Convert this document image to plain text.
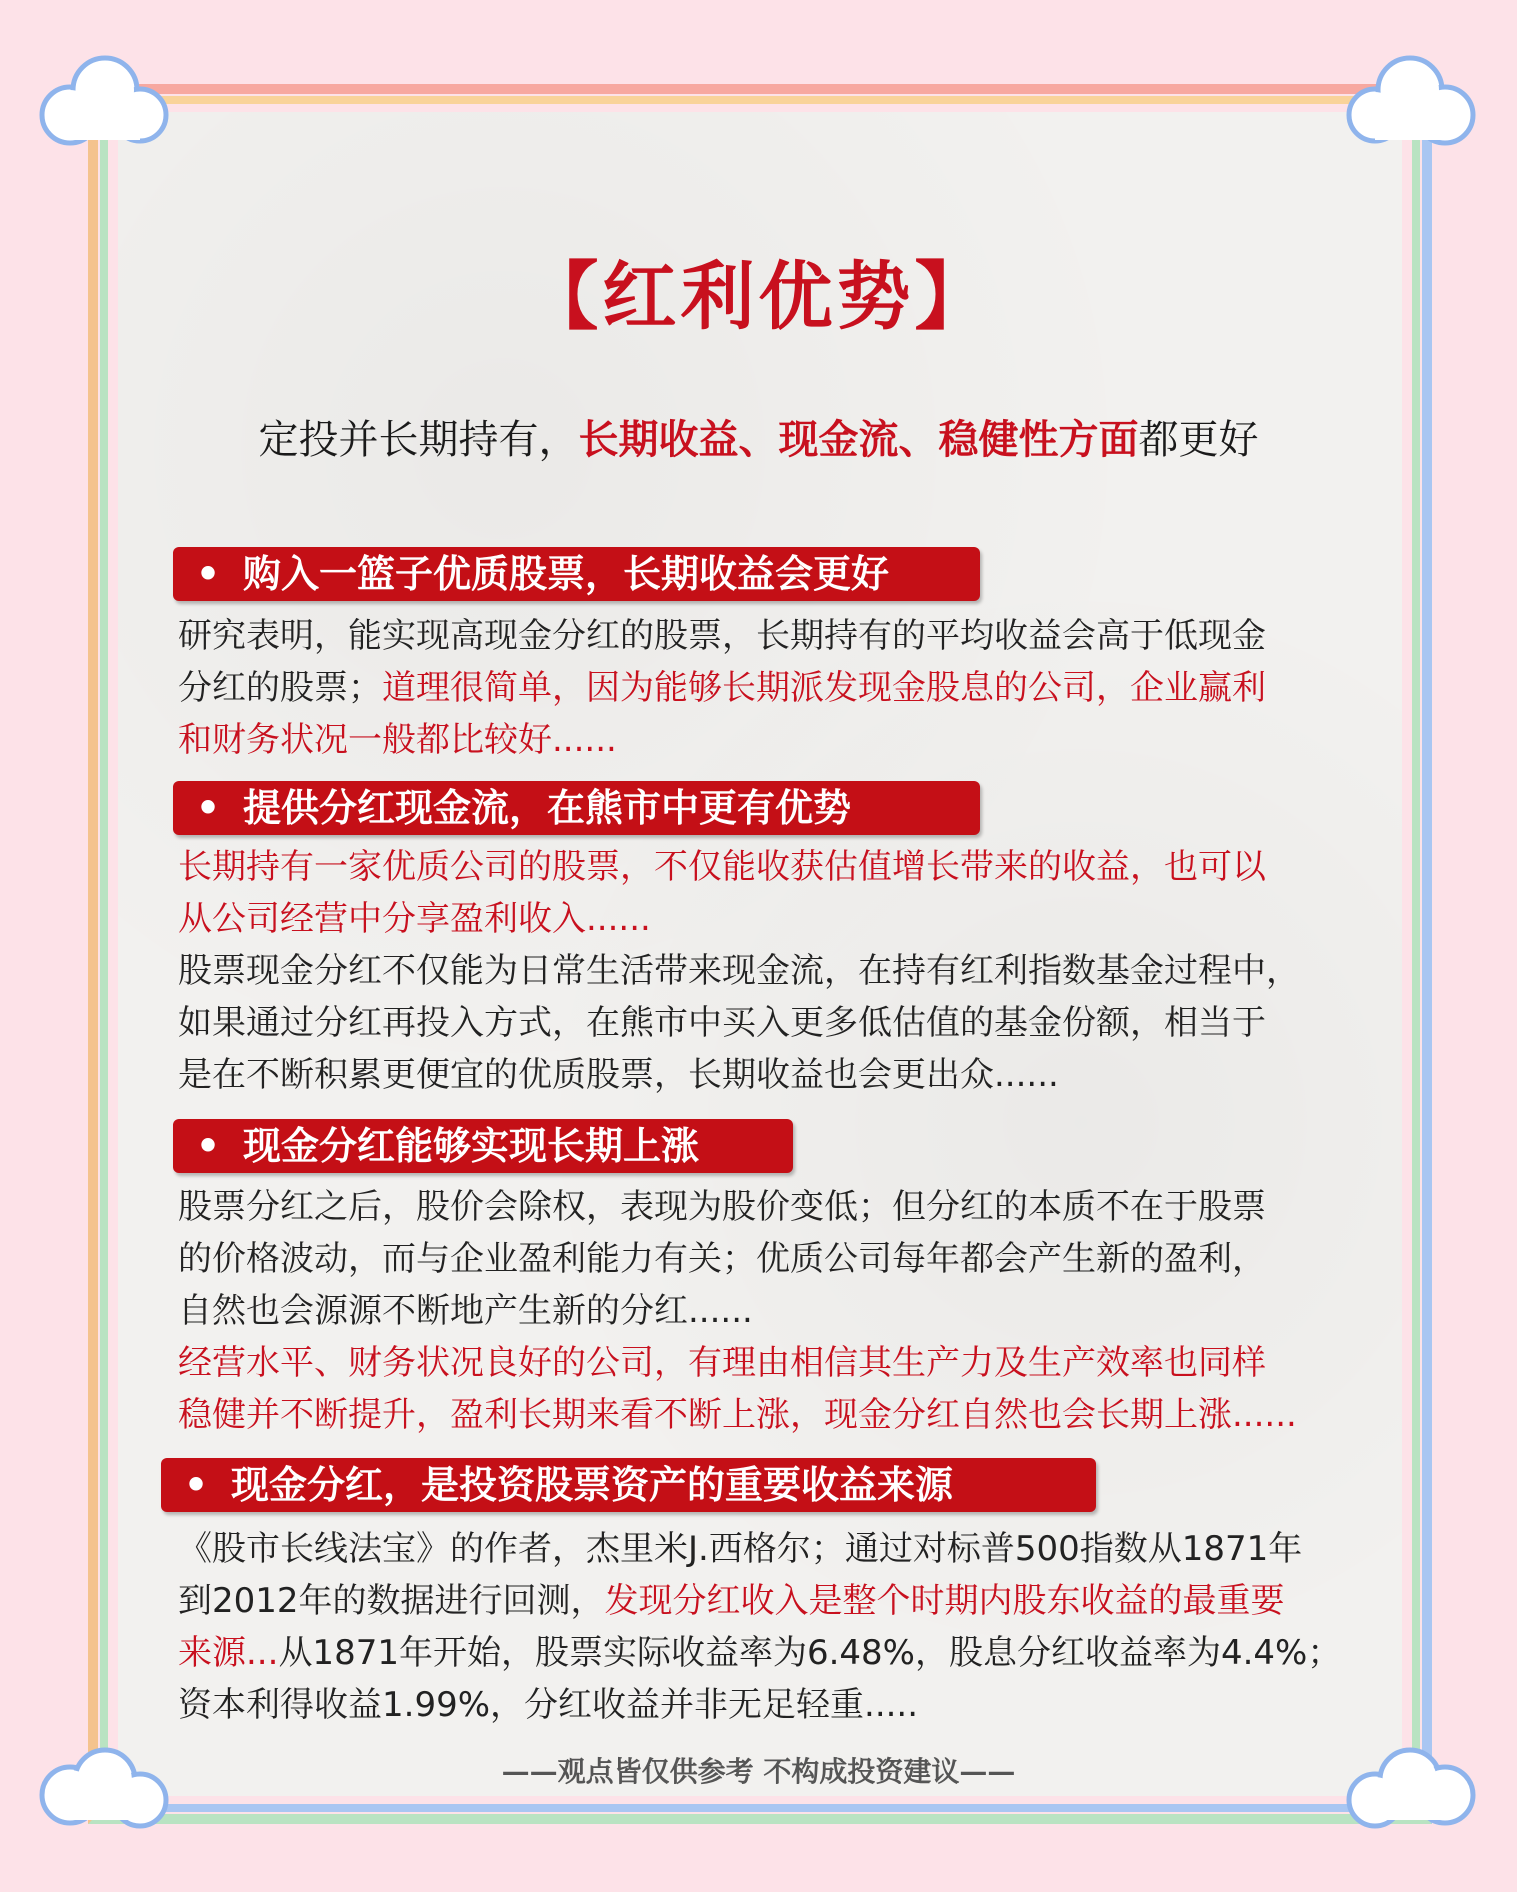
【红利优势】
定投并长期持有，长期收益、现金流、稳健性方面都更好
• 购入一篮子优质股票，长期收益会更好
研究表明，能实现高现金分红的股票，长期持有的平均收益会高于低现金
分红的股票；道理很简单，因为能够长期派发现金股息的公司，企业赢利
和财务状况一般都比较好......
• 提供分红现金流，在熊市中更有优势
长期持有一家优质公司的股票，不仅能收获估值增长带来的收益，也可以
从公司经营中分享盈利收入......
股票现金分红不仅能为日常生活带来现金流，在持有红利指数基金过程中，
如果通过分红再投入方式，在熊市中买入更多低估值的基金份额，相当于
是在不断积累更便宜的优质股票，长期收益也会更出众......
• 现金分红能够实现长期上涨
股票分红之后，股价会除权，表现为股价变低；但分红的本质不在于股票
的价格波动，而与企业盈利能力有关；优质公司每年都会产生新的盈利，
自然也会源源不断地产生新的分红......
经营水平、财务状况良好的公司，有理由相信其生产力及生产效率也同样
稳健并不断提升，盈利长期来看不断上涨，现金分红自然也会长期上涨......
• 现金分红，是投资股票资产的重要收益来源
《股市长线法宝》的作者，杰里米J.西格尔；通过对标普500指数从1871年
到2012年的数据进行回测，发现分红收入是整个时期内股东收益的最重要
来源...从1871年开始，股票实际收益率为6.48%，股息分红收益率为4.4%；
资本利得收益1.99%，分红收益并非无足轻重.....
——观点皆仅供参考 不构成投资建议——
